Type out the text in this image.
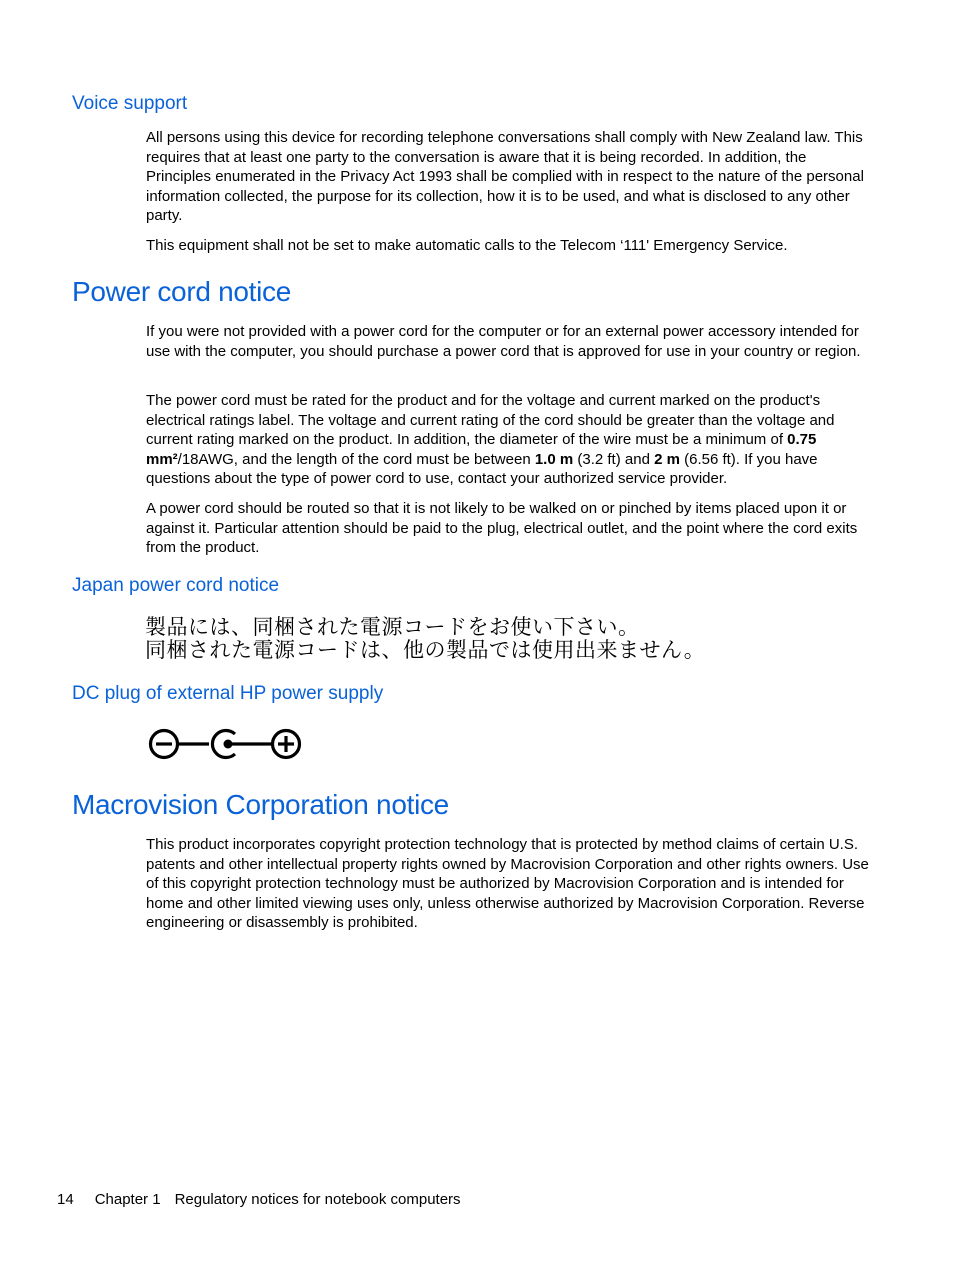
Voice support

All persons using this device for recording telephone conversations shall comply with New Zealand law. This requires that at least one party to the conversation is aware that it is being recorded. In addition, the Principles enumerated in the Privacy Act 1993 shall be complied with in respect to the nature of the personal information collected, the purpose for its collection, how it is to be used, and what is disclosed to any other party.

This equipment shall not be set to make automatic calls to the Telecom ‘111' Emergency Service.

Power cord notice

If you were not provided with a power cord for the computer or for an external power accessory intended for use with the computer, you should purchase a power cord that is approved for use in your country or region.

The power cord must be rated for the product and for the voltage and current marked on the product's electrical ratings label. The voltage and current rating of the cord should be greater than the voltage and current rating marked on the product. In addition, the diameter of the wire must be a minimum of 0.75 mm²/18AWG, and the length of the cord must be between 1.0 m (3.2 ft) and 2 m (6.56 ft). If you have questions about the type of power cord to use, contact your authorized service provider.

A power cord should be routed so that it is not likely to be walked on or pinched by items placed upon it or against it. Particular attention should be paid to the plug, electrical outlet, and the point where the cord exits from the product.

Japan power cord notice

製品には、同梱された電源コードをお使い下さい。

同梱された電源コードは、他の製品では使用出来ません。

DC plug of external HP power supply
Macrovision Corporation notice

This product incorporates copyright protection technology that is protected by method claims of certain U.S. patents and other intellectual property rights owned by Macrovision Corporation and other rights owners. Use of this copyright protection technology must be authorized by Macrovision Corporation and is intended for home and other limited viewing uses only, unless otherwise authorized by Macrovision Corporation. Reverse engineering or disassembly is prohibited.

14 Chapter 1 Regulatory notices for notebook computers
